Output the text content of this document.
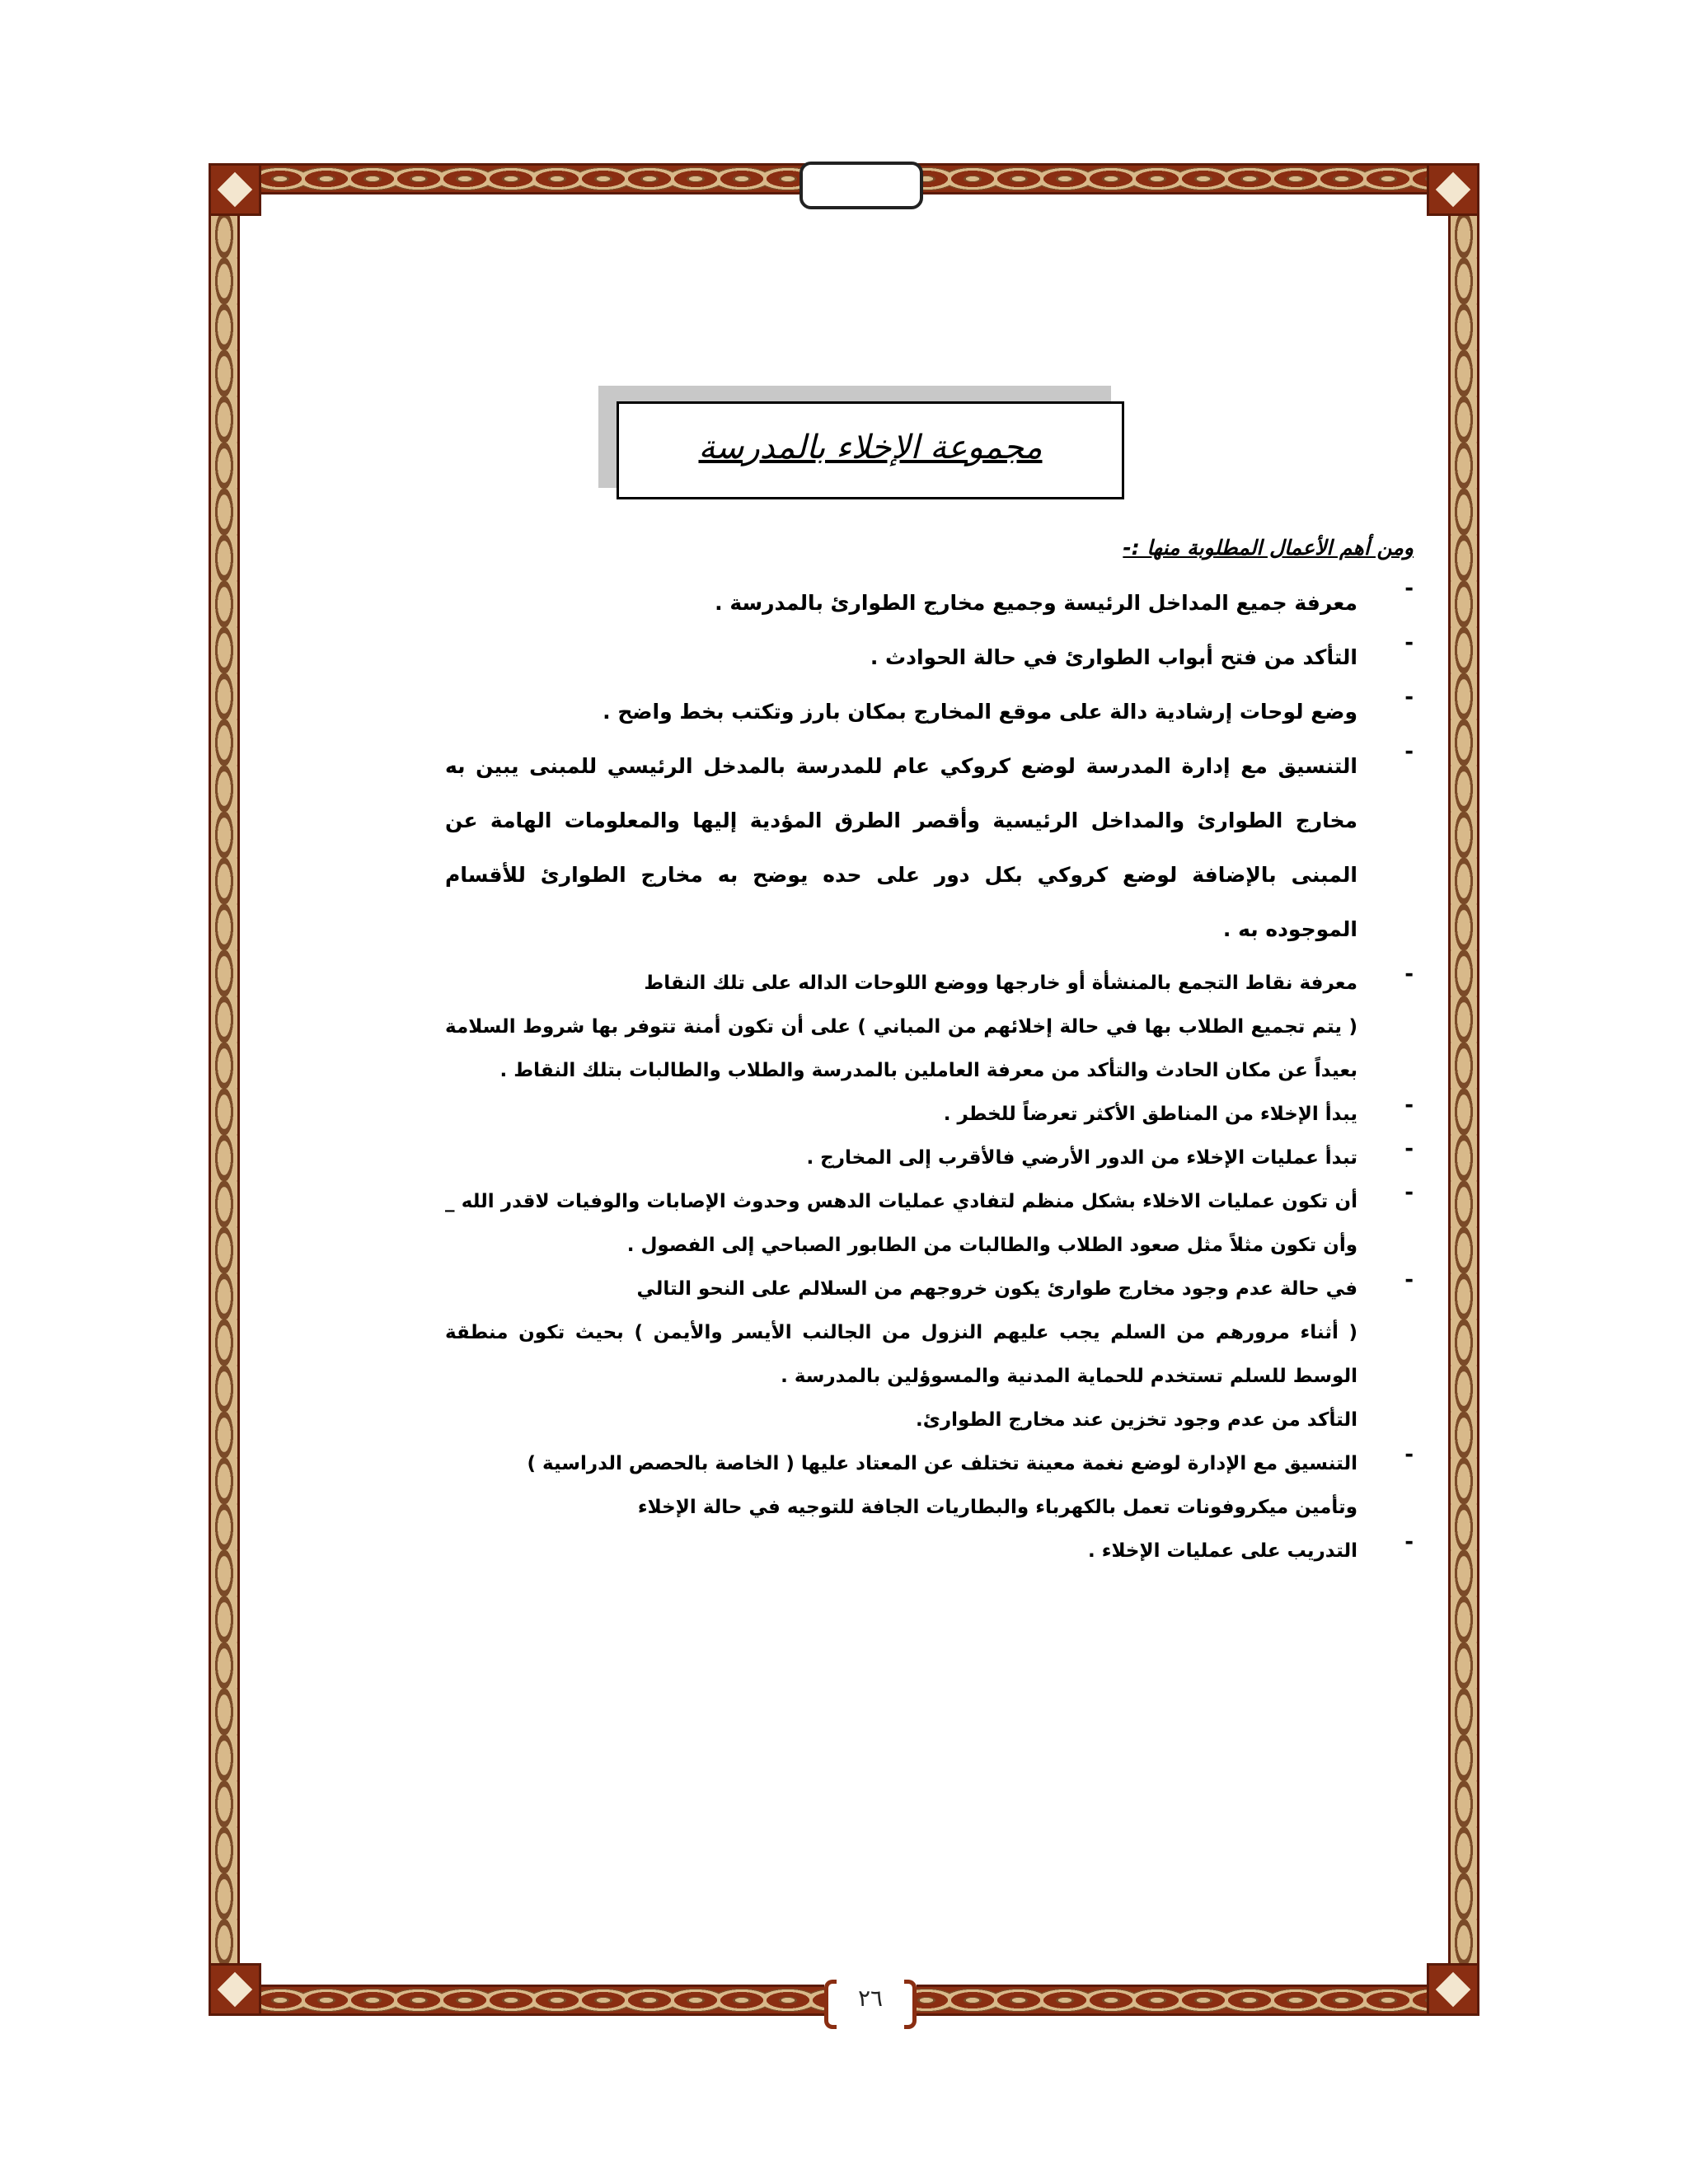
٢٦
مجموعة الإخلاء بالمدرسة

ومن أهم الأعمال المطلوبة منها :-

-

معرفة جميع المداخل الرئيسة وجميع مخارج الطوارئ بالمدرسة .

-

التأكد من فتح أبواب الطوارئ في حالة الحوادث .

-

وضع لوحات إرشادية دالة على موقع المخارج بمكان بارز وتكتب بخط واضح .

-

التنسيق مع إدارة المدرسة لوضع كروكي عام للمدرسة بالمدخل الرئيسي للمبنى يبين به مخارج الطوارئ والمداخل الرئيسية وأقصر الطرق المؤدية إليها والمعلومات الهامة عن المبنى بالإضافة لوضع كروكي بكل دور على حده يوضح به مخارج الطوارئ للأقسام الموجوده به .

-

معرفة نقاط التجمع بالمنشأة أو خارجها ووضع اللوحات الداله على تلك النقاط

( يتم تجميع الطلاب بها في حالة إخلائهم من المباني ) على أن تكون أمنة تتوفر بها شروط السلامة بعيداً عن مكان الحادث والتأكد من معرفة العاملين بالمدرسة والطلاب والطالبات بتلك النقاط .

-

يبدأ الإخلاء من المناطق الأكثر تعرضاً للخطر .

-

تبدأ عمليات الإخلاء من الدور الأرضي فالأقرب إلى المخارج .

-

أن تكون عمليات الاخلاء بشكل منظم لتفادي عمليات الدهس وحدوث الإصابات والوفيات لاقدر الله _ وأن تكون مثلاً مثل صعود الطلاب والطالبات من الطابور الصباحي إلى الفصول .

-

في حالة عدم وجود مخارج طوارئ يكون خروجهم من السلالم على النحو التالي

( أثناء مرورهم من السلم يجب عليهم النزول من الجالنب الأيسر والأيمن ) بحيث تكون منطقة الوسط للسلم تستخدم للحماية المدنية والمسوؤلين بالمدرسة .

التأكد من عدم وجود تخزين عند مخارج الطوارئ.

-

التنسيق مع الإدارة لوضع نغمة معينة تختلف عن المعتاد عليها ( الخاصة بالحصص الدراسية )

وتأمين ميكروفونات تعمل بالكهرباء والبطاريات الجافة للتوجيه في حالة الإخلاء

-

التدريب على عمليات الإخلاء .
